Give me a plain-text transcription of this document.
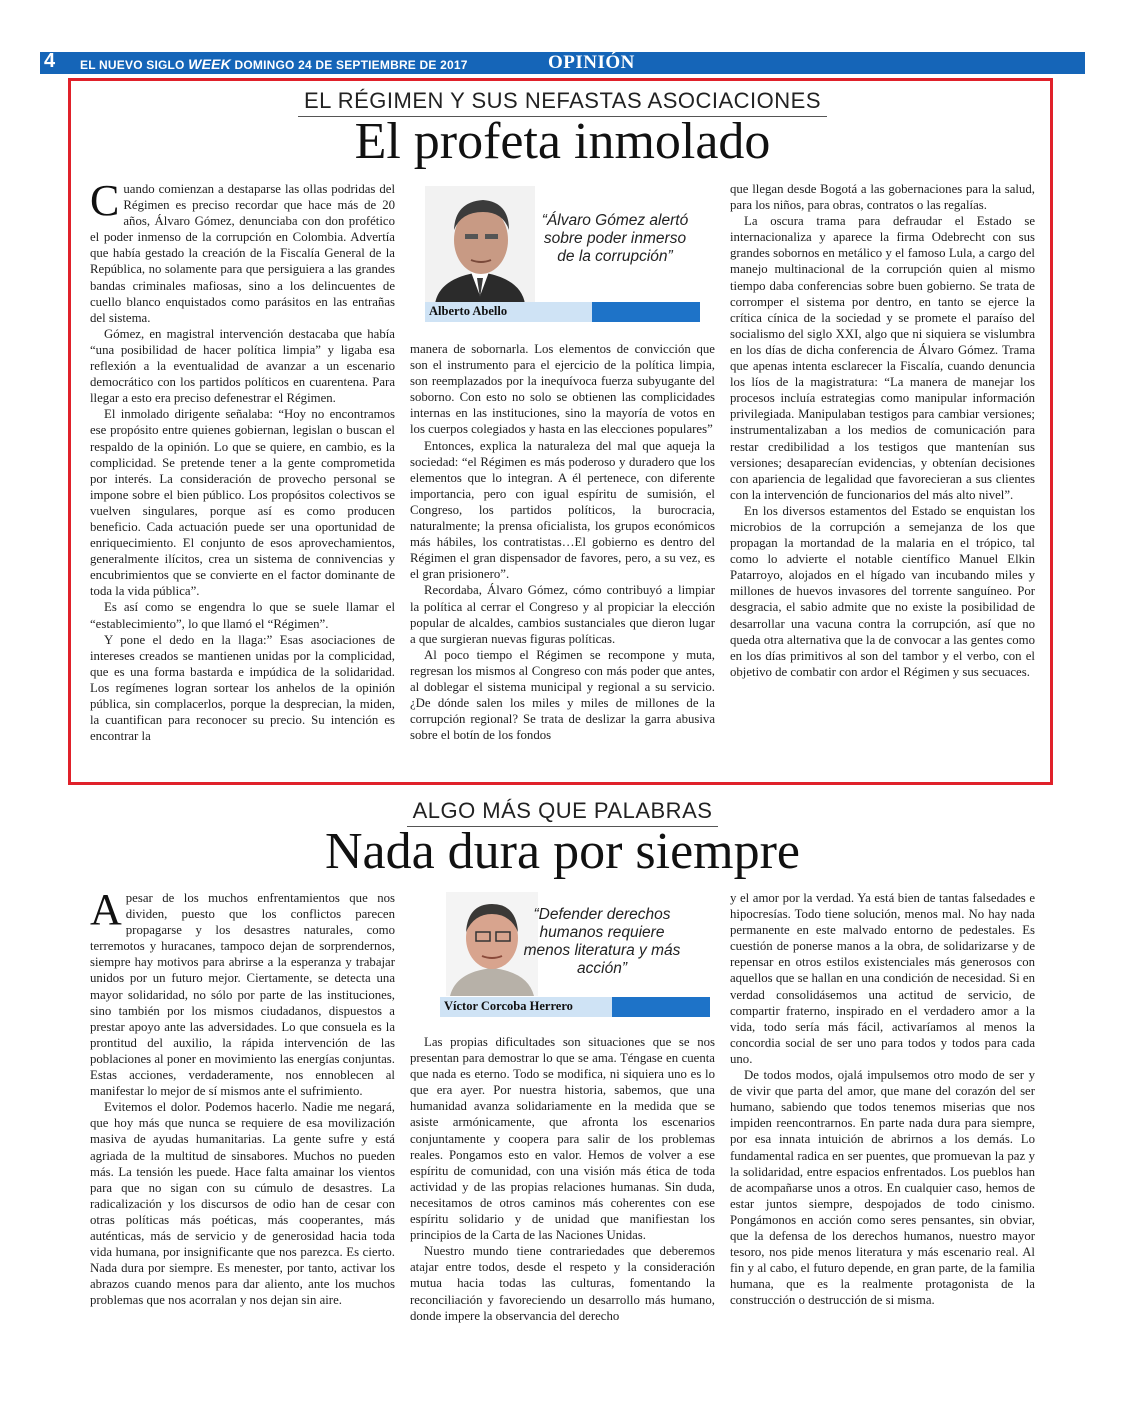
4 EL NUEVO SIGLO WEEK DOMINGO 24 DE SEPTIEMBRE DE 2017	OPINIÓN
EL RÉGIMEN Y SUS NEFASTAS ASOCIACIONES
El profeta inmolado

Cuando comienzan a destaparse las ollas podridas del Régimen es preciso recordar que hace más de 20 años, Álvaro Gómez, denunciaba con don profético el poder inmenso de la corrupción en Colombia. Advertía que había gestado la creación de la Fiscalía General de la República, no solamente para que persiguiera a las grandes bandas criminales mafiosas, sino a los delincuentes de cuello blanco enquistados como parásitos en las entrañas del sistema.

Gómez, en magistral intervención destacaba que había “una posibilidad de hacer política limpia” y ligaba esa reflexión a la eventualidad de avanzar a un escenario democrático con los partidos políticos en cuarentena. Para llegar a esto era preciso defenestrar el Régimen.

El inmolado dirigente señalaba: “Hoy no encontramos ese propósito entre quienes gobiernan, legislan o buscan el respaldo de la opinión. Lo que se quiere, en cambio, es la complicidad. Se pretende tener a la gente comprometida por interés. La consideración de provecho personal se impone sobre el bien público. Los propósitos colectivos se vuelven singulares, porque así es como producen beneficio. Cada actuación puede ser una oportunidad de enriquecimiento. El conjunto de esos aprovechamientos, generalmente ilícitos, crea un sistema de connivencias y encubrimientos que se convierte en el factor dominante de toda la vida pública”.

Es así como se engendra lo que se suele llamar el “establecimiento”, lo que llamó el “Régimen”.

Y pone el dedo en la llaga:” Esas asociaciones de intereses creados se mantienen unidas por la complicidad, que es una forma bastarda e impúdica de la solidaridad. Los regímenes logran sortear los anhelos de la opinión pública, sin complacerlos, porque la desprecian, la miden, la cuantifican para reconocer su precio. Su intención es encontrar la

“Álvaro Gómez alertó sobre poder inmerso de la corrupción”
Alberto Abello

manera de sobornarla. Los elementos de convicción que son el instrumento para el ejercicio de la política limpia, son reemplazados por la inequívoca fuerza subyugante del soborno. Con esto no solo se obtienen las complicidades internas en las instituciones, sino la mayoría de votos en los cuerpos colegiados y hasta en las elecciones populares”

Entonces, explica la naturaleza del mal que aqueja la sociedad: “el Régimen es más poderoso y duradero que los elementos que lo integran. A él pertenece, con diferente importancia, pero con igual espíritu de sumisión, el Congreso, los partidos políticos, la burocracia, naturalmente; la prensa oficialista, los grupos económicos más hábiles, los contratistas…El gobierno es dentro del Régimen el gran dispensador de favores, pero, a su vez, es el gran prisionero”.

Recordaba, Álvaro Gómez, cómo contribuyó a limpiar la política al cerrar el Congreso y al propiciar la elección popular de alcaldes, cambios sustanciales que dieron lugar a que surgieran nuevas figuras políticas.

Al poco tiempo el Régimen se recompone y muta, regresan los mismos al Congreso con más poder que antes, al doblegar el sistema municipal y regional a su servicio. ¿De dónde salen los miles y miles de millones de la corrupción regional? Se trata de deslizar la garra abusiva sobre el botín de los fondos

que llegan desde Bogotá a las gobernaciones para la salud, para los niños, para obras, contratos o las regalías.

La oscura trama para defraudar el Estado se internacionaliza y aparece la firma Odebrecht con sus grandes sobornos en metálico y el famoso Lula, a cargo del manejo multinacional de la corrupción quien al mismo tiempo daba conferencias sobre buen gobierno. Se trata de corromper el sistema por dentro, en tanto se ejerce la crítica cínica de la sociedad y se promete el paraíso del socialismo del siglo XXI, algo que ni siquiera se vislumbra en los días de dicha conferencia de Álvaro Gómez. Trama que apenas intenta esclarecer la Fiscalía, cuando denuncia los líos de la magistratura: “La manera de manejar los procesos incluía estrategias como manipular información privilegiada. Manipulaban testigos para cambiar versiones; instrumentalizaban a los medios de comunicación para restar credibilidad a los testigos que mantenían sus versiones; desaparecían evidencias, y obtenían decisiones con apariencia de legalidad que favorecieran a sus clientes con la intervención de funcionarios del más alto nivel”.

En los diversos estamentos del Estado se enquistan los microbios de la corrupción a semejanza de los que propagan la mortandad de la malaria en el trópico, tal como lo advierte el notable científico Manuel Elkin Patarroyo, alojados en el hígado van incubando miles y millones de huevos invasores del torrente sanguíneo. Por desgracia, el sabio admite que no existe la posibilidad de desarrollar una vacuna contra la corrupción, así que no queda otra alternativa que la de convocar a las gentes como en los días primitivos al son del tambor y el verbo, con el objetivo de combatir con ardor el Régimen y sus secuaces.

ALGO MÁS QUE PALABRAS
Nada dura por siempre

Apesar de los muchos enfrentamientos que nos dividen, puesto que los conflictos parecen propagarse y los desastres naturales, como terremotos y huracanes, tampoco dejan de sorprendernos, siempre hay motivos para abrirse a la esperanza y trabajar unidos por un futuro mejor. Ciertamente, se detecta una mayor solidaridad, no sólo por parte de las instituciones, sino también por los mismos ciudadanos, dispuestos a prestar apoyo ante las adversidades. Lo que consuela es la prontitud del auxilio, la rápida intervención de las poblaciones al poner en movimiento las energías conjuntas. Estas acciones, verdaderamente, nos ennoblecen al manifestar lo mejor de sí mismos ante el sufrimiento.

Evitemos el dolor. Podemos hacerlo. Nadie me negará, que hoy más que nunca se requiere de esa movilización masiva de ayudas humanitarias. La gente sufre y está agriada de la multitud de sinsabores. Muchos no pueden más. La tensión les puede. Hace falta amainar los vientos para que no sigan con su cúmulo de desastres. La radicalización y los discursos de odio han de cesar con otras políticas más poéticas, más cooperantes, más auténticas, más de servicio y de generosidad hacia toda vida humana, por insignificante que nos parezca. Es cierto. Nada dura por siempre. Es menester, por tanto, activar los abrazos cuando menos para dar aliento, ante los muchos problemas que nos acorralan y nos dejan sin aire.

“Defender derechos humanos requiere menos literatura y más acción”
Víctor Corcoba Herrero

Las propias dificultades son situaciones que se nos presentan para demostrar lo que se ama. Téngase en cuenta que nada es eterno. Todo se modifica, ni siquiera uno es lo que era ayer. Por nuestra historia, sabemos, que una humanidad avanza solidariamente en la medida que se asiste armónicamente, que afronta los escenarios conjuntamente y coopera para salir de los problemas reales. Pongamos esto en valor. Hemos de volver a ese espíritu de comunidad, con una visión más ética de toda actividad y de las propias relaciones humanas. Sin duda, necesitamos de otros caminos más coherentes con ese espíritu solidario y de unidad que manifiestan los principios de la Carta de las Naciones Unidas.

Nuestro mundo tiene contrariedades que deberemos atajar entre todos, desde el respeto y la consideración mutua hacia todas las culturas, fomentando la reconciliación y favoreciendo un desarrollo más humano, donde impere la observancia del derecho

y el amor por la verdad. Ya está bien de tantas falsedades e hipocresías. Todo tiene solución, menos mal. No hay nada permanente en este malvado entorno de pedestales. Es cuestión de ponerse manos a la obra, de solidarizarse y de repensar en otros estilos existenciales más generosos con aquellos que se hallan en una condición de necesidad. Si en verdad consolidásemos una actitud de servicio, de compartir fraterno, inspirado en el verdadero amor a la vida, todo sería más fácil, activaríamos al menos la concordia social de ser uno para todos y todos para cada uno.

De todos modos, ojalá impulsemos otro modo de ser y de vivir que parta del amor, que mane del corazón del ser humano, sabiendo que todos tenemos miserias que nos impiden reencontrarnos. En parte nada dura para siempre, por esa innata intuición de abrirnos a los demás. Lo fundamental radica en ser puentes, que promuevan la paz y la solidaridad, entre espacios enfrentados. Los pueblos han de acompañarse unos a otros. En cualquier caso, hemos de estar juntos siempre, despojados de todo cinismo. Pongámonos en acción como seres pensantes, sin obviar, que la defensa de los derechos humanos, nuestro mayor tesoro, nos pide menos literatura y más escenario real. Al fin y al cabo, el futuro depende, en gran parte, de la familia humana, que es la realmente protagonista de la construcción o destrucción de si misma.
